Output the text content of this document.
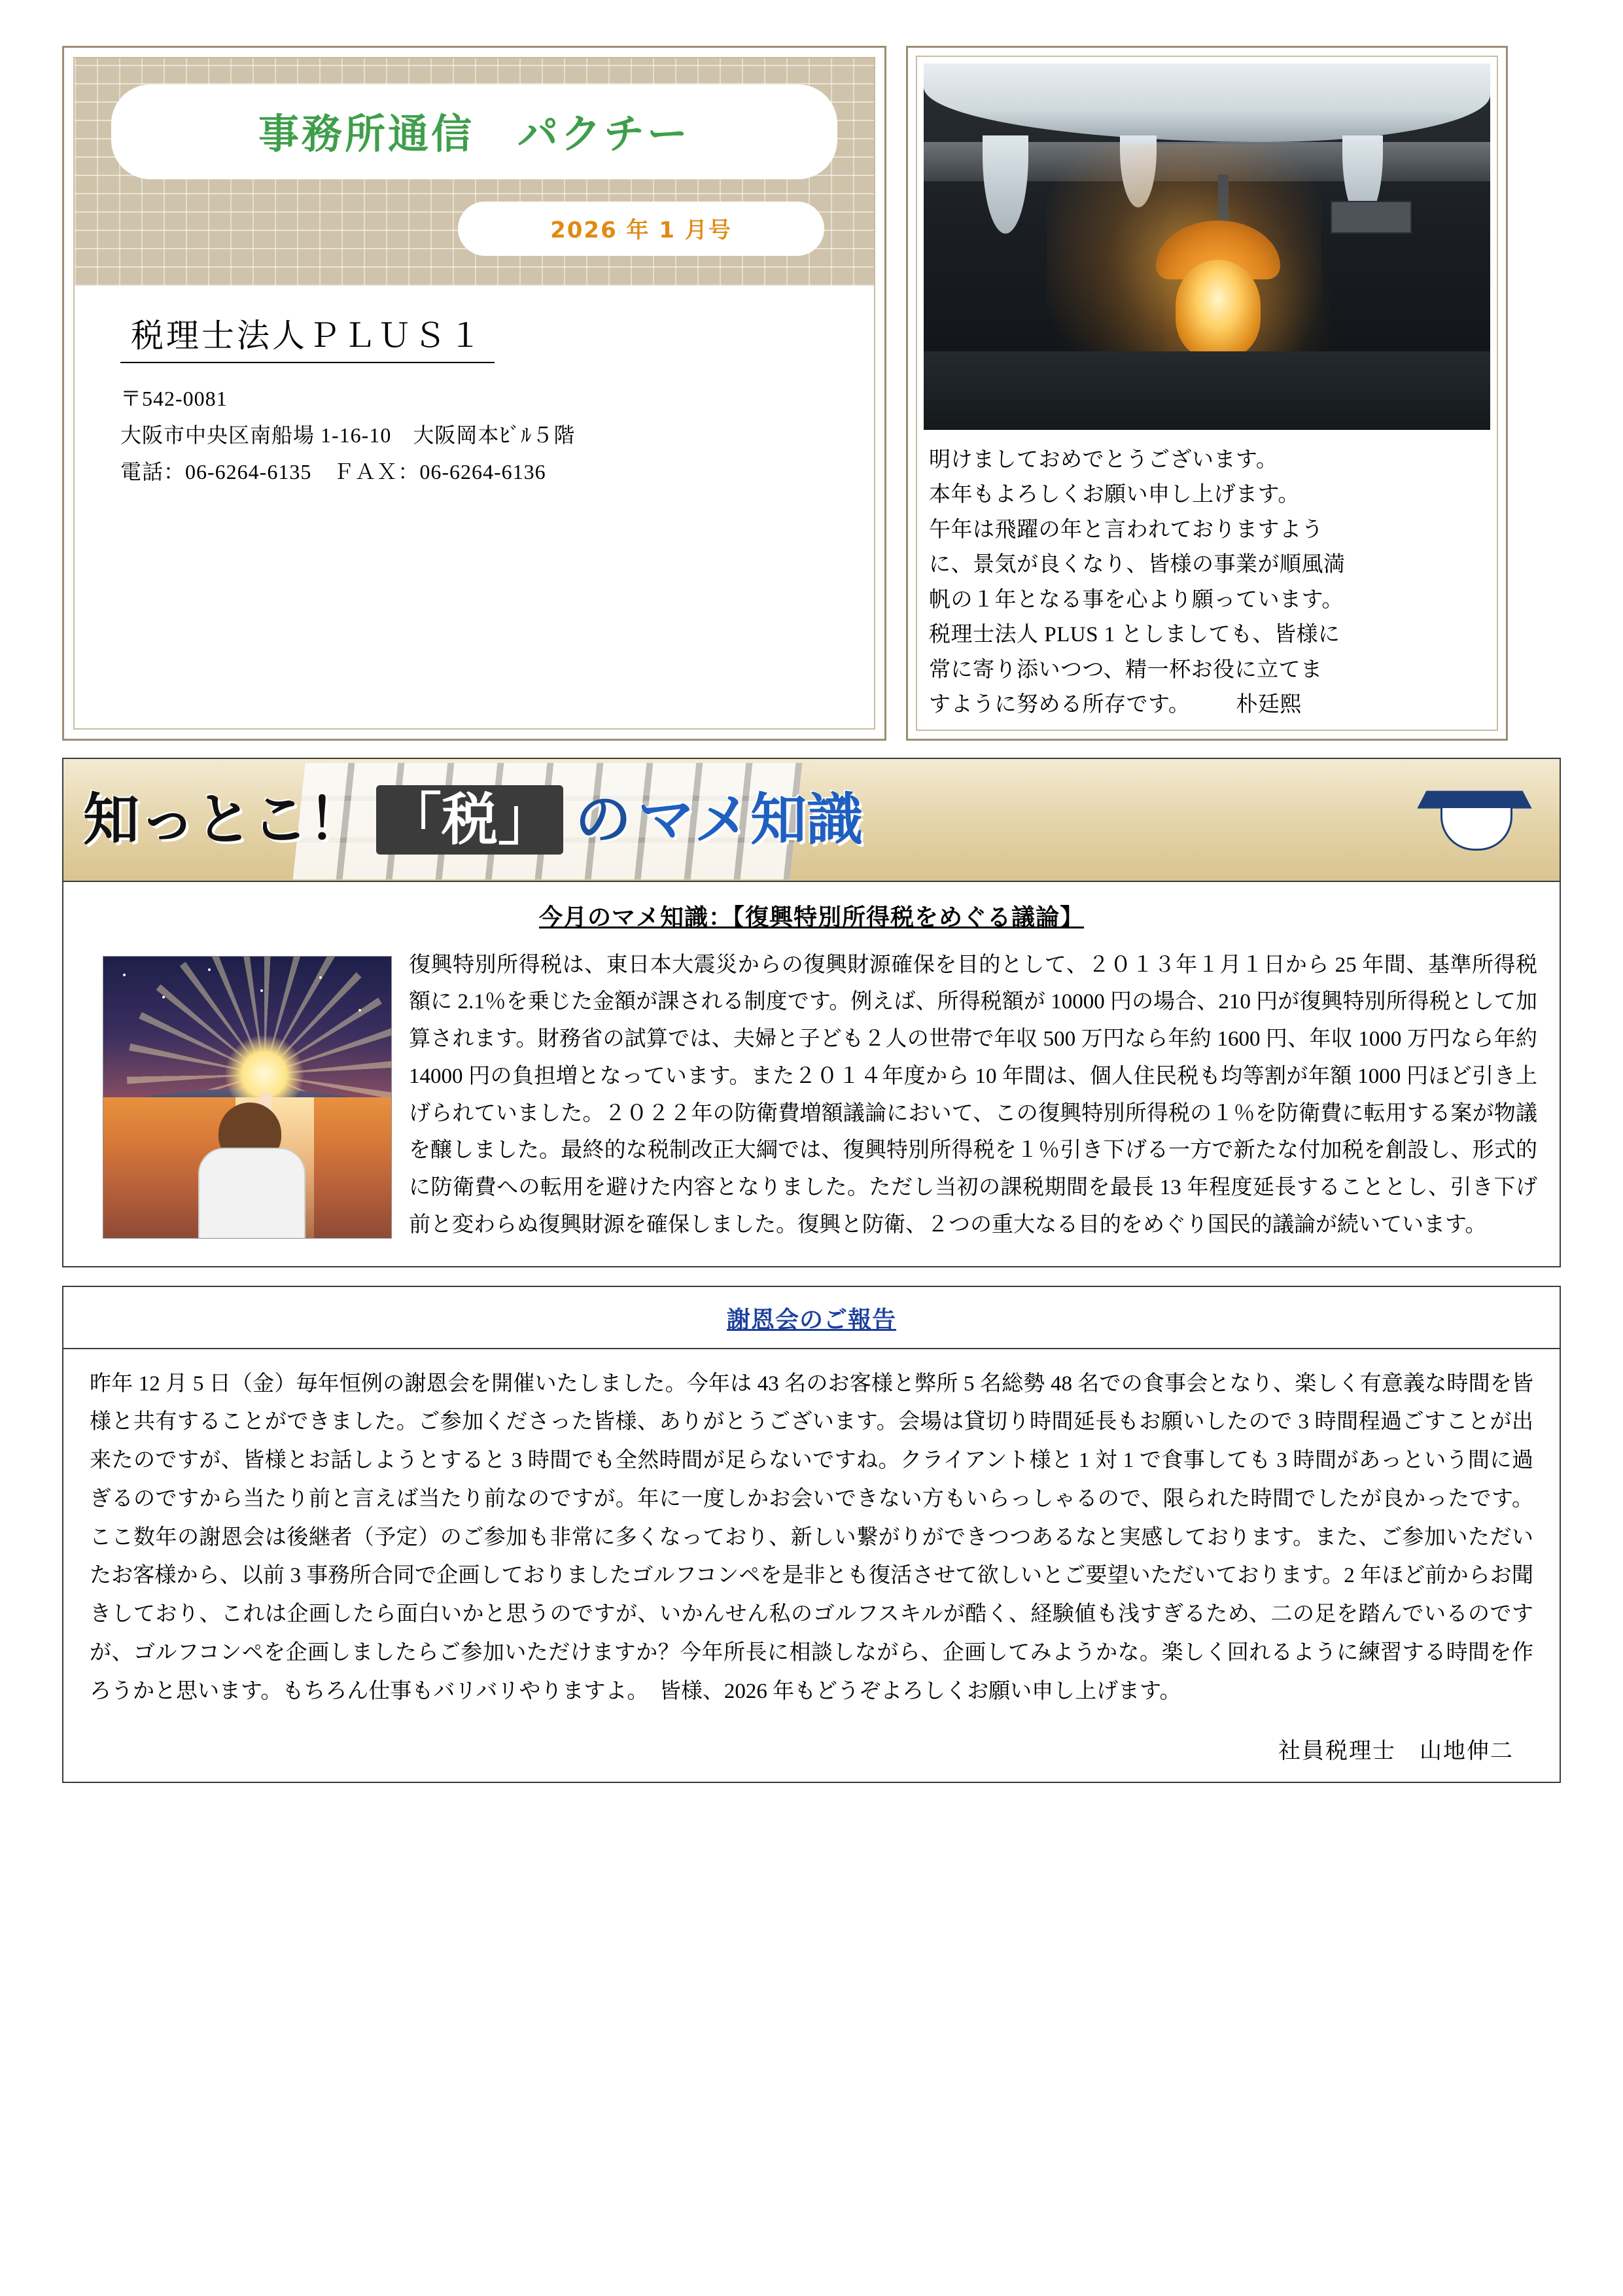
事務所通信　パクチー
2026 年 1 月号
税理士法人ＰＬＵＳ１
〒542-0081
大阪市中央区南船場 1-16-10　大阪岡本ﾋﾞﾙ５階
電話：06-6264-6135　ＦＡＸ：06-6264-6136	明けましておめでとうございます。
本年もよろしくお願い申し上げます。
午年は飛躍の年と言われておりますよう
に、景気が良くなり、皆様の事業が順風満
帆の１年となる事を心より願っています。
税理士法人 PLUS 1 としましても、皆様に
常に寄り添いつつ、精一杯お役に立てま
すように努める所存です。	朴廷熙
知っとこ！ 「税」 の マメ知識
今月のマメ知識：【復興特別所得税をめぐる議論】
復興特別所得税は、東日本大震災からの復興財源確保を目的として、２０１３年１月１日から 25 年間、基準所得税額に 2.1％を乗じた金額が課される制度です。例えば、所得税額が 10000 円の場合、210 円が復興特別所得税として加算されます。財務省の試算では、夫婦と子ども２人の世帯で年収 500 万円なら年約 1600 円、年収 1000 万円なら年約 14000 円の負担増となっています。また２０１４年度から 10 年間は、個人住民税も均等割が年額 1000 円ほど引き上げられていました。２０２２年の防衛費増額議論において、この復興特別所得税の１％を防衛費に転用する案が物議を醸しました。最終的な税制改正大綱では、復興特別所得税を１％引き下げる一方で新たな付加税を創設し、形式的に防衛費への転用を避けた内容となりました。ただし当初の課税期間を最長 13 年程度延長することとし、引き下げ前と変わらぬ復興財源を確保しました。復興と防衛、２つの重大なる目的をめぐり国民的議論が続いています。
謝恩会のご報告
昨年 12 月 5 日（金）毎年恒例の謝恩会を開催いたしました。今年は 43 名のお客様と弊所 5 名総勢 48 名での食事会となり、楽しく有意義な時間を皆様と共有することができました。ご参加くださった皆様、ありがとうございます。会場は貸切り時間延長もお願いしたので 3 時間程過ごすことが出来たのですが、皆様とお話しようとすると 3 時間でも全然時間が足らないですね。クライアント様と 1 対 1 で食事しても 3 時間があっという間に過ぎるのですから当たり前と言えば当たり前なのですが。年に一度しかお会いできない方もいらっしゃるので、限られた時間でしたが良かったです。ここ数年の謝恩会は後継者（予定）のご参加も非常に多くなっており、新しい繋がりができつつあるなと実感しております。また、ご参加いただいたお客様から、以前 3 事務所合同で企画しておりましたゴルフコンペを是非とも復活させて欲しいとご要望いただいております。2 年ほど前からお聞きしており、これは企画したら面白いかと思うのですが、いかんせん私のゴルフスキルが酷く、経験値も浅すぎるため、二の足を踏んでいるのですが、ゴルフコンペを企画しましたらご参加いただけますか？今年所長に相談しながら、企画してみようかな。楽しく回れるように練習する時間を作ろうかと思います。もちろん仕事もバリバリやりますよ。　皆様、2026 年もどうぞよろしくお願い申し上げます。
社員税理士　山地伸二
